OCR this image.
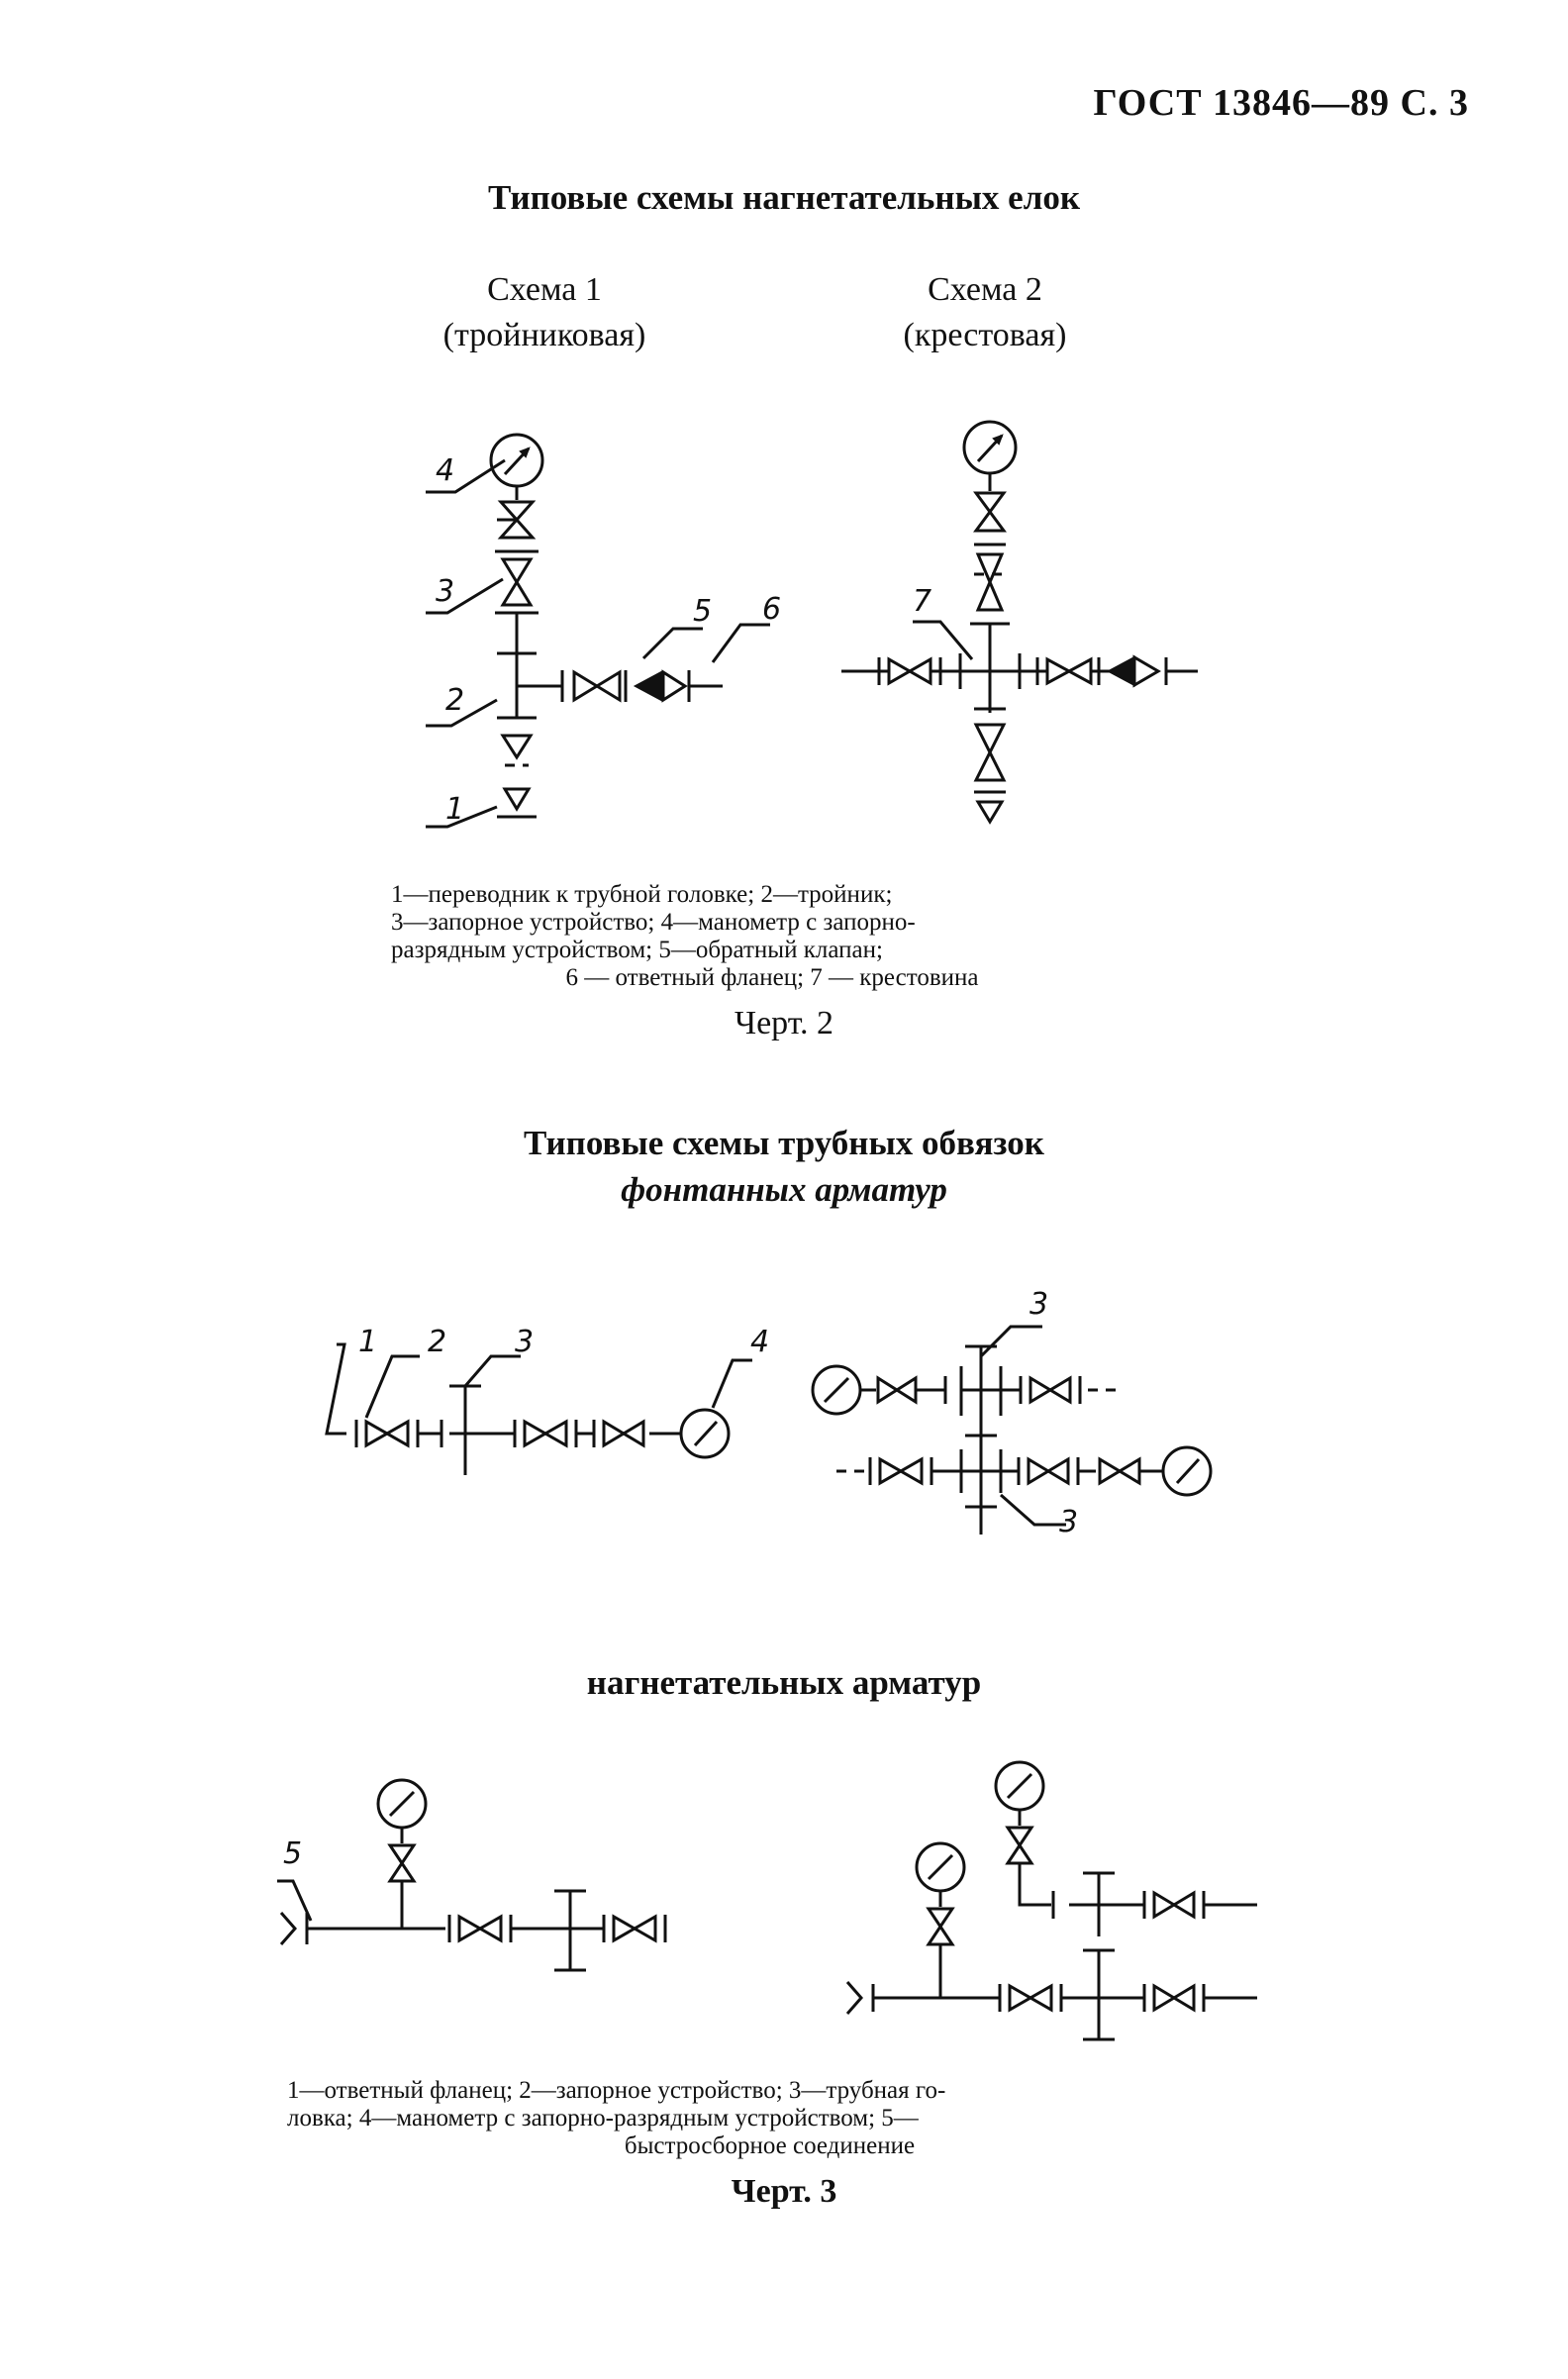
ГОСТ 13846—89 С. 3
Типовые схемы нагнетательных елок
Схема 1
(тройниковая)
Схема 2
(крестовая)
4
3
2
1
5 6	7

1—переводник к трубной головке; 2—тройник;

3—запорное устройство; 4—манометр с запорно-

разрядным устройством; 5—обратный клапан;

6 — ответный фланец; 7 — крестовина

Черт. 2
Типовые схемы трубных обвязок
фонтанных арматур
1 2 3	4
3
3
нагнетательных арматур
5

1—ответный фланец; 2—запорное устройство; 3—трубная го-

ловка; 4—манометр с запорно-разрядным устройством; 5—

быстросборное соединение

Черт. 3
